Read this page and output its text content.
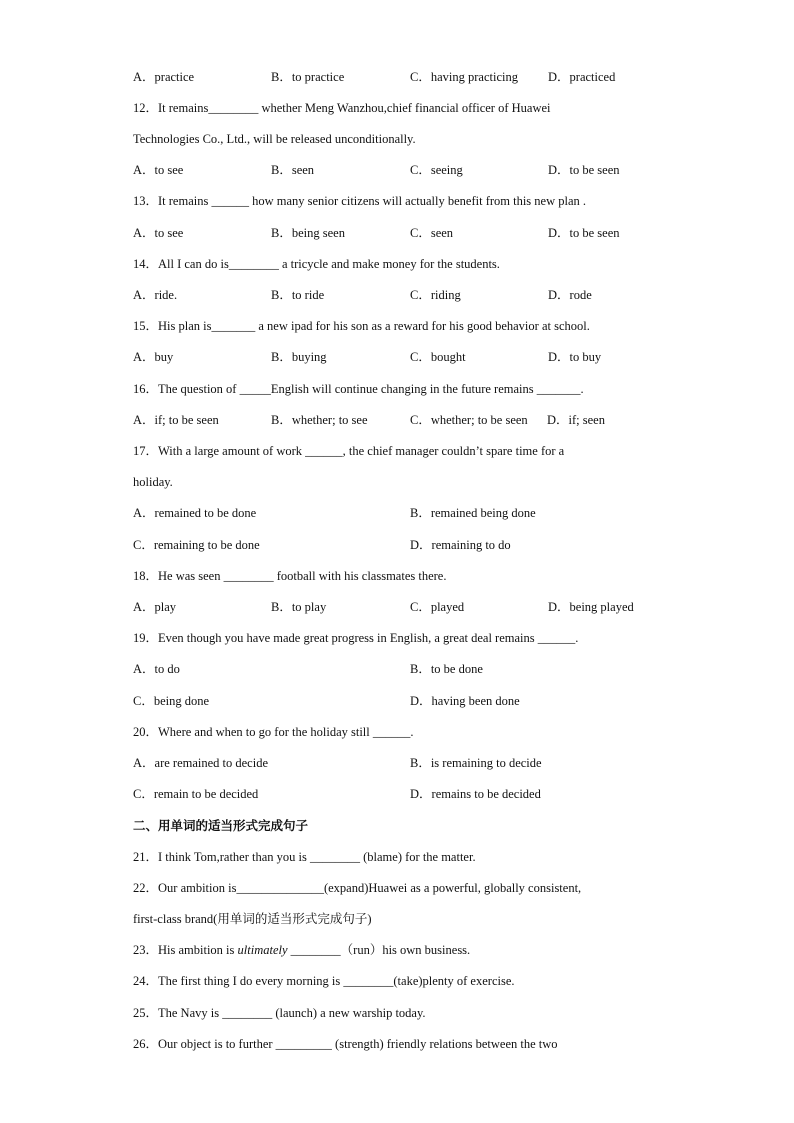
A．practice	B．to practice	C．having practicing D．practiced
12．It remains________ whether Meng Wanzhou,chief financial officer of Huawei
Technologies Co., Ltd., will be released unconditionally.
A．to see	B．seen	C．seeing	D．to be seen
13．It remains ______ how many senior citizens will actually benefit from this new plan .
A．to see	B．being seen	C．seen	D．to be seen
14．All I can do is________ a tricycle and make money for the students.
A．ride.	B．to ride	C．riding	D．rode
15．His plan is_______ a new ipad for his son as a reward for his good behavior at school.
A．buy	B．buying	C．bought	D．to buy
16．The question of _____English will continue changing in the future remains _______.
A．if; to be seen	B．whether; to see	C．whether; to be seen D．if; seen
17．With a large amount of work ______, the chief manager couldn’t spare time for a
holiday.
A．remained to be done	B．remained being done
C．remaining to be done	D．remaining to do
18．He was seen ________ football with his classmates there.
A．play	B．to play	C．played	D．being played
19．Even though you have made great progress in English, a great deal remains ______.
A．to do	B．to be done
C．being done	D．having been done
20．Where and when to go for the holiday still ______.
A．are remained to decide	B．is remaining to decide
C．remain to be decided	D．remains to be decided
二、用单词的适当形式完成句子
21．I think Tom,rather than you is ________ (blame) for the matter.
22．Our ambition is______________(expand)Huawei as a powerful, globally consistent,
first-class brand(用单词的适当形式完成句子)
23．His ambition is ultimately ________（run）his own business.
24．The first thing I do every morning is ________(take)plenty of exercise.
25．The Navy is ________ (launch) a new warship today.
26．Our object is to further _________ (strength) friendly relations between the two
